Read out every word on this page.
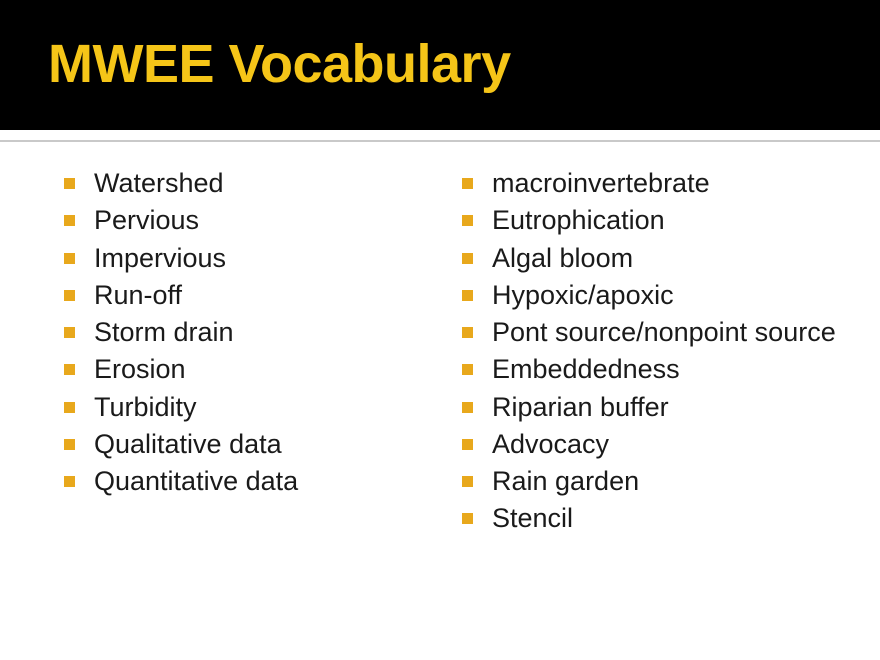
MWEE Vocabulary
Watershed
Pervious
Impervious
Run-off
Storm drain
Erosion
Turbidity
Qualitative data
Quantitative data
macroinvertebrate
Eutrophication
Algal bloom
Hypoxic/apoxic
Pont source/nonpoint source
Embeddedness
Riparian buffer
Advocacy
Rain garden
Stencil
